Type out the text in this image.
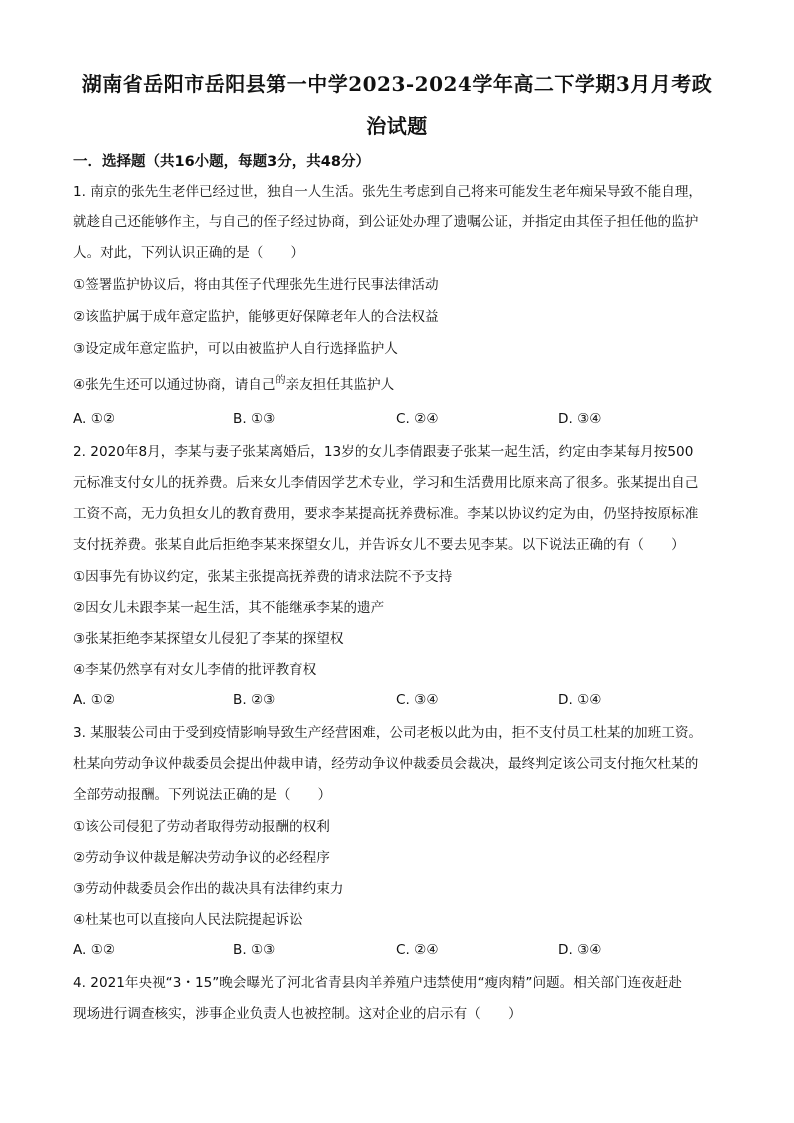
湖南省岳阳市岳阳县第一中学2023-2024学年高二下学期3月月考政
治试题
一．选择题（共16小题，每题3分，共48分）
1. 南京的张先生老伴已经过世，独自一人生活。张先生考虑到自己将来可能发生老年痴呆导致不能自理，
就趁自己还能够作主，与自己的侄子经过协商，到公证处办理了遗嘱公证，并指定由其侄子担任他的监护
人。对此，下列认识正确的是（　　）
①签署监护协议后，将由其侄子代理张先生进行民事法律活动
②该监护属于成年意定监护，能够更好保障老年人的合法权益
③设定成年意定监护，可以由被监护人自行选择监护人
④张先生还可以通过协商，请自己$^的$亲友担任其监护人
A. ①②	B. ①③	C. ②④	D. ③④
2. 2020年8月，李某与妻子张某离婚后，13岁的女儿李倩跟妻子张某一起生活，约定由李某每月按500
元标准支付女儿的抚养费。后来女儿李倩因学艺术专业，学习和生活费用比原来高了很多。张某提出自己
工资不高，无力负担女儿的教育费用，要求李某提高抚养费标准。李某以协议约定为由，仍坚持按原标准
支付抚养费。张某自此后拒绝李某来探望女儿，并告诉女儿不要去见李某。以下说法正确的有（　　）
①因事先有协议约定，张某主张提高抚养费的请求法院不予支持
②因女儿未跟李某一起生活，其不能继承李某的遗产
③张某拒绝李某探望女儿侵犯了李某的探望权
④李某仍然享有对女儿李倩的批评教育权
A. ①②	B. ②③	C. ③④	D. ①④
3. 某服装公司由于受到疫情影响导致生产经营困难，公司老板以此为由，拒不支付员工杜某的加班工资。
杜某向劳动争议仲裁委员会提出仲裁申请，经劳动争议仲裁委员会裁决，最终判定该公司支付拖欠杜某的
全部劳动报酬。下列说法正确的是（　　）
①该公司侵犯了劳动者取得劳动报酬的权利
②劳动争议仲裁是解决劳动争议的必经程序
③劳动仲裁委员会作出的裁决具有法律约束力
④杜某也可以直接向人民法院提起诉讼
A. ①②	B. ①③	C. ②④	D. ③④
4. 2021年央视“3・15”晚会曝光了河北省青县肉羊养殖户违禁使用“瘦肉精”问题。相关部门连夜赶赴
现场进行调查核实，涉事企业负责人也被控制。这对企业的启示有（　　）
